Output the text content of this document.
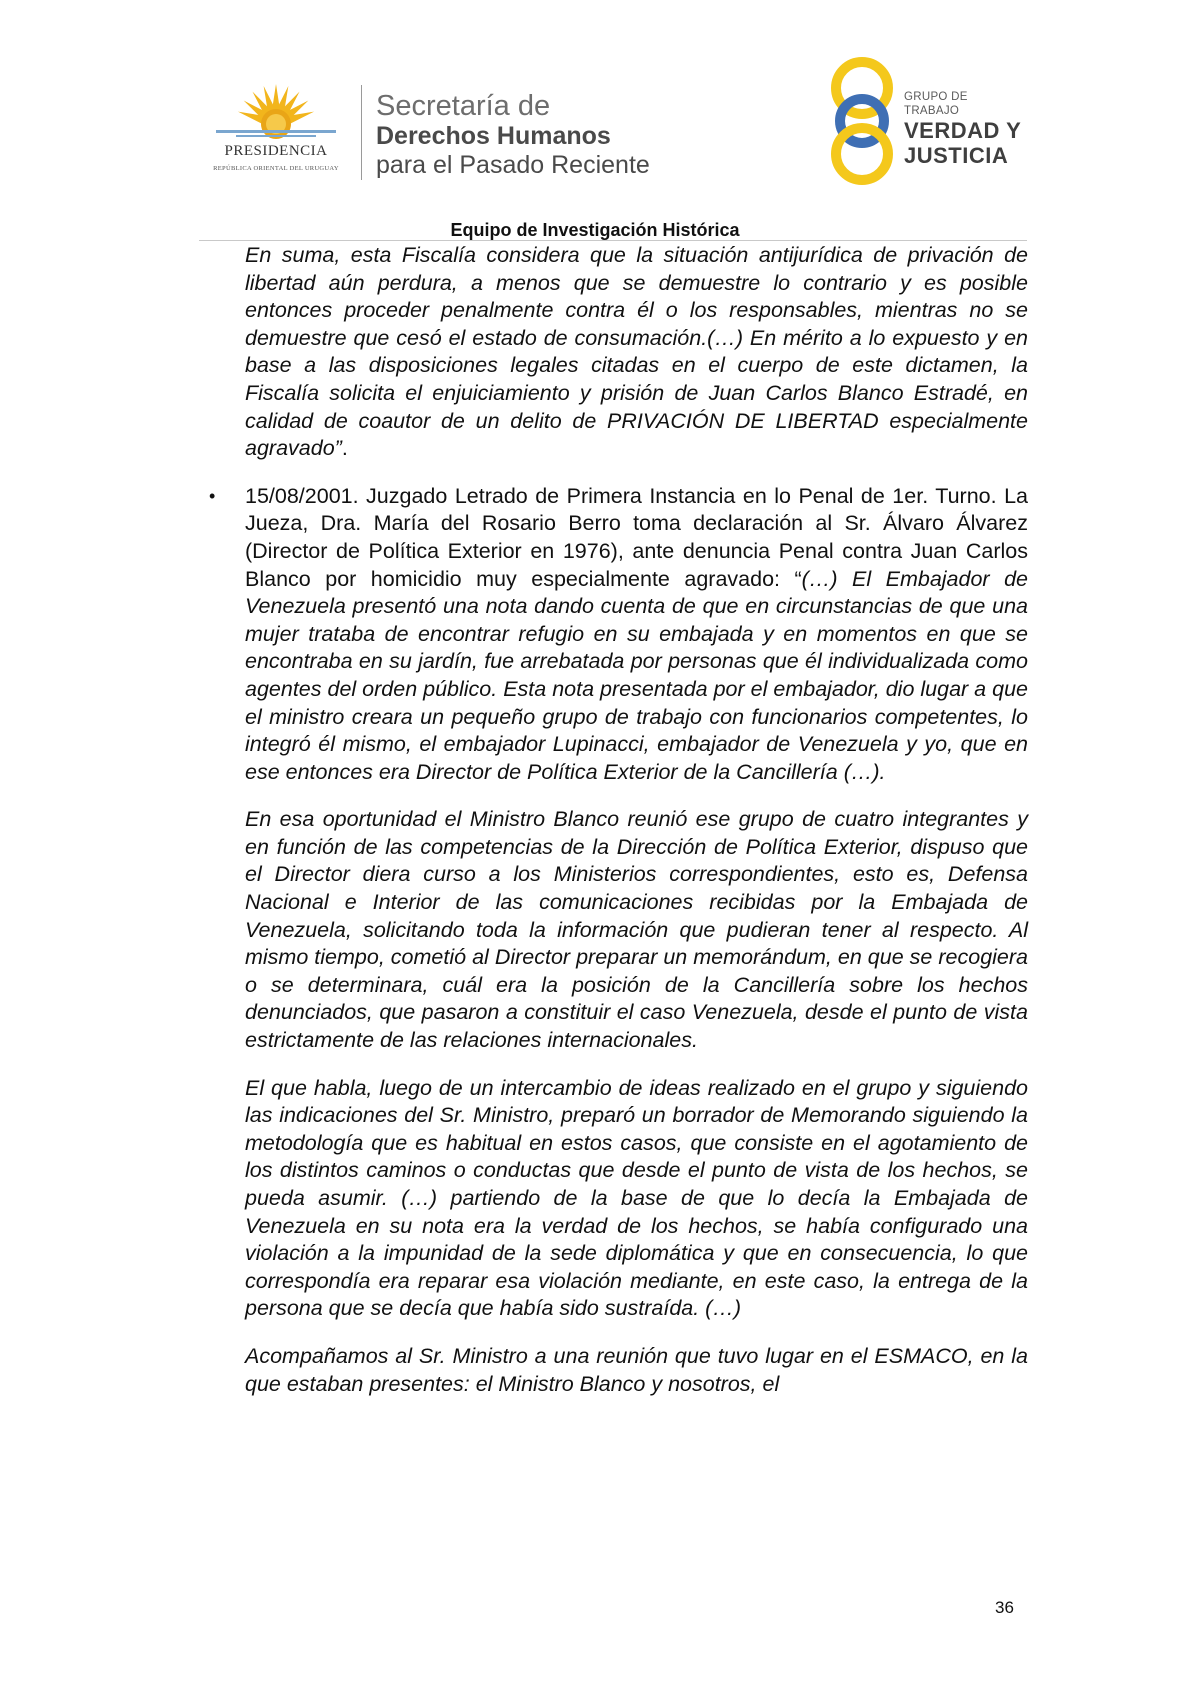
PRESIDENCIA
REPÚBLICA ORIENTAL DEL URUGUAY
Secretaría de
Derechos Humanos
para el Pasado Reciente
GRUPO DE TRABAJO
VERDAD Y
JUSTICIA
Equipo de Investigación Histórica

En suma, esta Fiscalía considera que la situación antijurídica de privación de libertad aún perdura, a menos que se demuestre lo contrario y es posible entonces proceder penalmente contra él o los responsables, mientras no se demuestre que cesó el estado de consumación.(…) En mérito a lo expuesto y en base a las disposiciones legales citadas en el cuerpo de este dictamen, la Fiscalía solicita el enjuiciamiento y prisión de Juan Carlos Blanco Estradé, en calidad de coautor de un delito de PRIVACIÓN DE LIBERTAD especialmente agravado”.

• 15/08/2001. Juzgado Letrado de Primera Instancia en lo Penal de 1er. Turno. La Jueza, Dra. María del Rosario Berro toma declaración al Sr. Álvaro Álvarez (Director de Política Exterior en 1976), ante denuncia Penal contra Juan Carlos Blanco por homicidio muy especialmente agravado: “(…) El Embajador de Venezuela presentó una nota dando cuenta de que en circunstancias de que una mujer trataba de encontrar refugio en su embajada y en momentos en que se encontraba en su jardín, fue arrebatada por personas que él individualizada como agentes del orden público. Esta nota presentada por el embajador, dio lugar a que el ministro creara un pequeño grupo de trabajo con funcionarios competentes, lo integró él mismo, el embajador Lupinacci, embajador de Venezuela y yo, que en ese entonces era Director de Política Exterior de la Cancillería (…).

En esa oportunidad el Ministro Blanco reunió ese grupo de cuatro integrantes y en función de las competencias de la Dirección de Política Exterior, dispuso que el Director diera curso a los Ministerios correspondientes, esto es, Defensa Nacional e Interior de las comunicaciones recibidas por la Embajada de Venezuela, solicitando toda la información que pudieran tener al respecto. Al mismo tiempo, cometió al Director preparar un memorándum, en que se recogiera o se determinara, cuál era la posición de la Cancillería sobre los hechos denunciados, que pasaron a constituir el caso Venezuela, desde el punto de vista estrictamente de las relaciones internacionales.

El que habla, luego de un intercambio de ideas realizado en el grupo y siguiendo las indicaciones del Sr. Ministro, preparó un borrador de Memorando siguiendo la metodología que es habitual en estos casos, que consiste en el agotamiento de los distintos caminos o conductas que desde el punto de vista de los hechos, se pueda asumir. (…) partiendo de la base de que lo decía la Embajada de Venezuela en su nota era la verdad de los hechos, se había configurado una violación a la impunidad de la sede diplomática y que en consecuencia, lo que correspondía era reparar esa violación mediante, en este caso, la entrega de la persona que se decía que había sido sustraída. (…)

Acompañamos al Sr. Ministro a una reunión que tuvo lugar en el ESMACO, en la que estaban presentes: el Ministro Blanco y nosotros, el

36
